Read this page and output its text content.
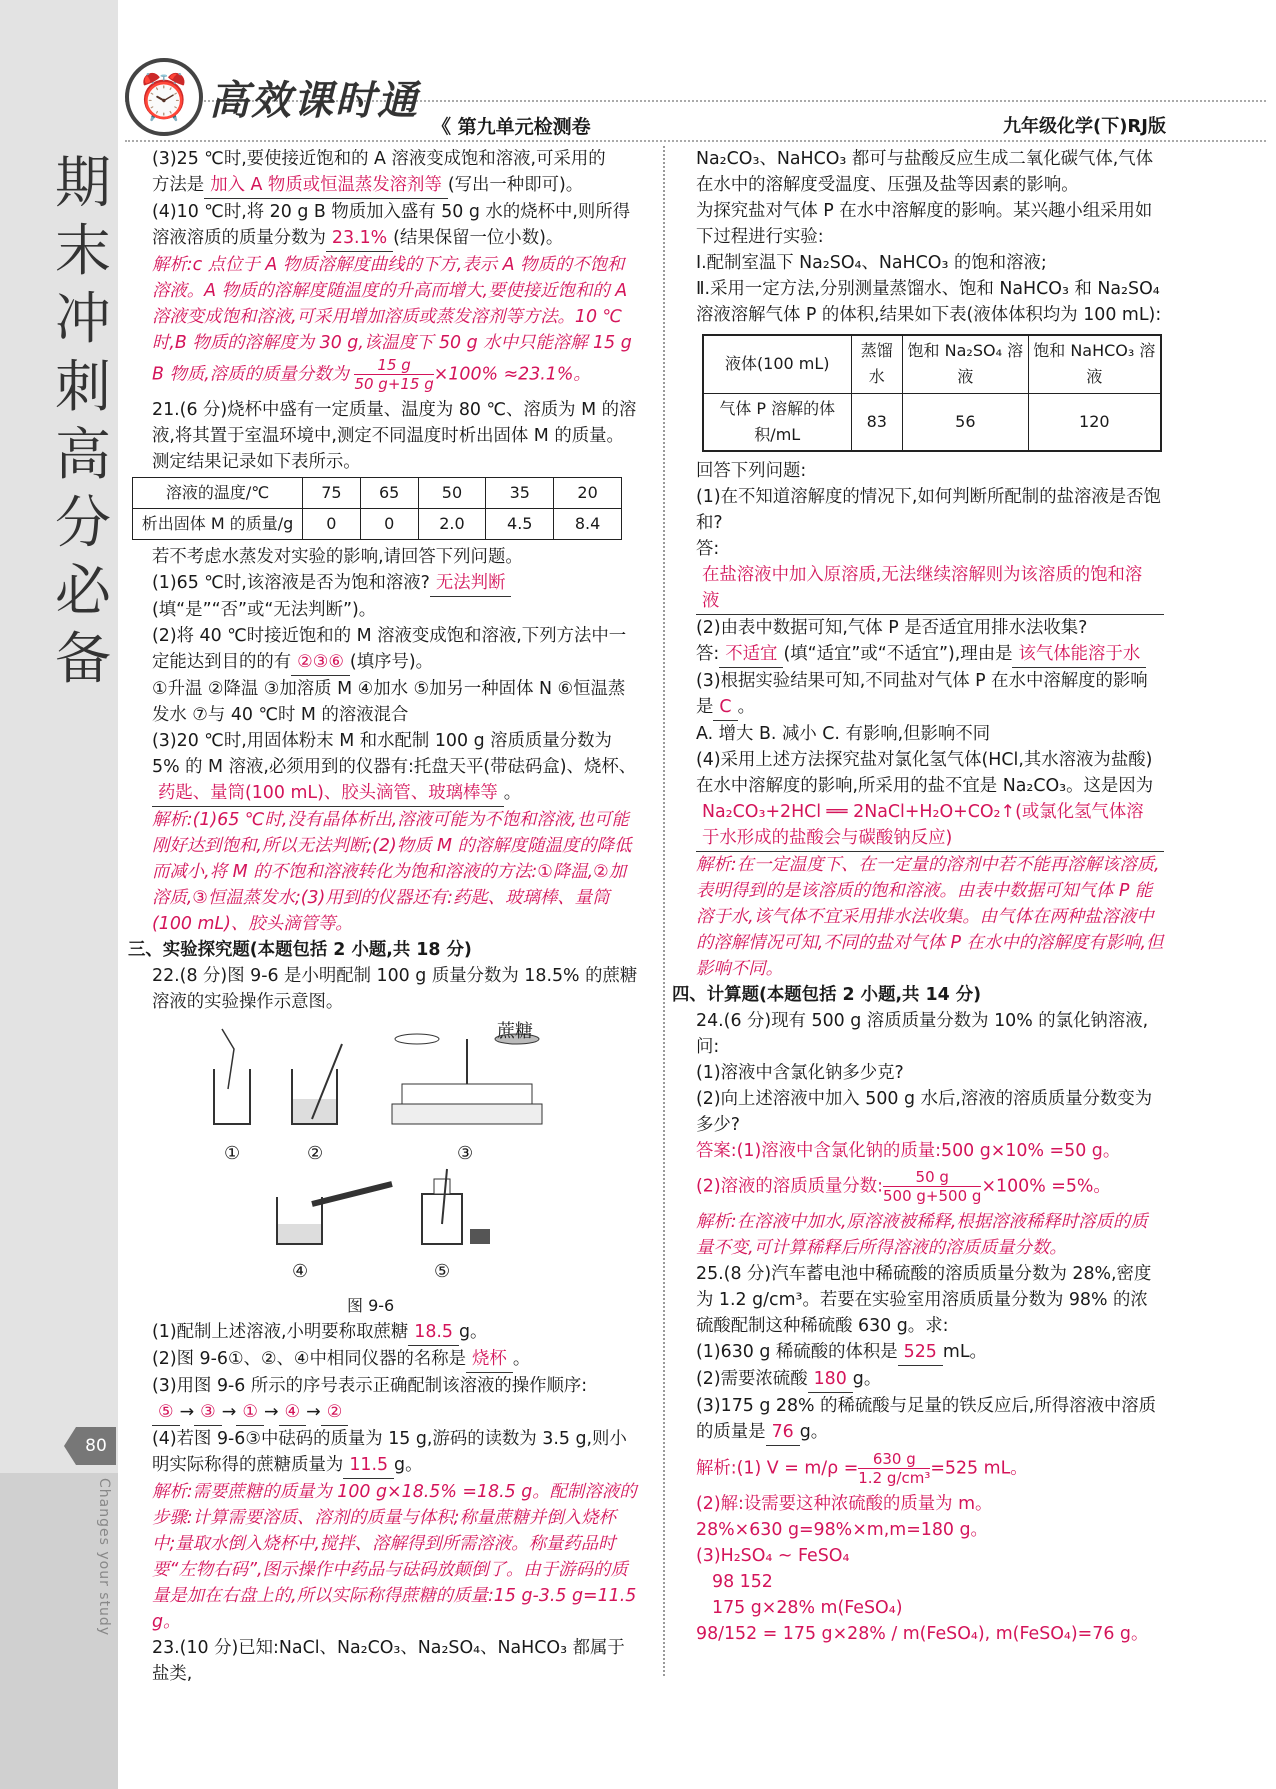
期末冲刺高分必备
80
Changes your study
⏰ 高效课时通
《 第九单元检测卷	九年级化学(下)RJ版

(3)25 ℃时,要使接近饱和的 A 溶液变成饱和溶液,可采用的

方法是 加入 A 物质或恒温蒸发溶剂等 (写出一种即可)。

(4)10 ℃时,将 20 g B 物质加入盛有 50 g 水的烧杯中,则所得

溶液溶质的质量分数为 23.1% (结果保留一位小数)。

解析:c 点位于 A 物质溶解度曲线的下方,表示 A 物质的不饱和溶液。A 物质的溶解度随温度的升高而增大,要使接近饱和的 A 溶液变成饱和溶液,可采用增加溶质或蒸发溶剂等方法。10 ℃时,B 物质的溶解度为 30 g,该温度下 50 g 水中只能溶解 15 g B 物质,溶质的质量分数为 $\frac{15 g}{50 g+15 g} \times 100\% \approx 23.1\%$。

21.(6 分)烧杯中盛有一定质量、温度为 80 ℃、溶质为 M 的溶液,将其置于室温环境中,测定不同温度时析出固体 M 的质量。测定结果记录如下表所示。

溶液的温度/℃	75	65	50	35	20
析出固体 M 的质量/g	0	0	2.0	4.5	8.4

若不考虑水蒸发对实验的影响,请回答下列问题。

(1)65 ℃时,该溶液是否为饱和溶液? 无法判断(填“是”“否”或“无法判断”)。

(2)将 40 ℃时接近饱和的 M 溶液变成饱和溶液,下列方法中一定能达到目的的有 ②③⑥ (填序号)。

①升温 ②降温 ③加溶质 M ④加水 ⑤加另一种固体 N ⑥恒温蒸发水 ⑦与 40 ℃时 M 的溶液混合

(3)20 ℃时,用固体粉末 M 和水配制 100 g 溶质质量分数为5% 的 M 溶液,必须用到的仪器有:托盘天平(带砝码盒)、烧杯、药匙、量筒(100 mL)、胶头滴管、玻璃棒等 。

解析:(1)65 ℃时,没有晶体析出,溶液可能为不饱和溶液,也可能刚好达到饱和,所以无法判断;(2)物质 M 的溶解度随温度的降低而减小,将 M 的不饱和溶液转化为饱和溶液的方法:①降温,②加溶质,③恒温蒸发水;(3)用到的仪器还有:药匙、玻璃棒、量筒(100 mL)、胶头滴管等。

三、实验探究题(本题包括 2 小题,共 18 分)

22.(8 分)图 9-6 是小明配制 100 g 质量分数为 18.5% 的蔗糖溶液的实验操作示意图。

蔗糖
①	②	③
④	⑤
图 9-6

(1)配制上述溶液,小明要称取蔗糖 18.5 g。

(2)图 9-6①、②、④中相同仪器的名称是 烧杯 。

(3)用图 9-6 所示的序号表示正确配制该溶液的操作顺序:

⑤ → ③ → ① → ④ → ②

(4)若图 9-6③中砝码的质量为 15 g,游码的读数为 3.5 g,则小明实际称得的蔗糖质量为 11.5 g。

解析:需要蔗糖的质量为 100 g×18.5% =18.5 g。配制溶液的步骤:计算需要溶质、溶剂的质量与体积;称量蔗糖并倒入烧杯中;量取水倒入烧杯中,搅拌、溶解得到所需溶液。称量药品时要“左物右码”,图示操作中药品与砝码放颠倒了。由于游码的质量是加在右盘上的,所以实际称得蔗糖的质量:15 g-3.5 g=11.5 g。

23.(10 分)已知:NaCl、Na₂CO₃、Na₂SO₄、NaHCO₃ 都属于盐类,

Na₂CO₃、NaHCO₃ 都可与盐酸反应生成二氧化碳气体,气体在水中的溶解度受温度、压强及盐等因素的影响。

为探究盐对气体 P 在水中溶解度的影响。某兴趣小组采用如下过程进行实验:

Ⅰ.配制室温下 Na₂SO₄、NaHCO₃ 的饱和溶液;

Ⅱ.采用一定方法,分别测量蒸馏水、饱和 NaHCO₃ 和 Na₂SO₄ 溶液溶解气体 P 的体积,结果如下表(液体体积均为 100 mL):

液体(100 mL)	蒸馏水	饱和 Na₂SO₄ 溶液	饱和 NaHCO₃ 溶液
气体 P 溶解的体积/mL	83	56	120

回答下列问题:

(1)在不知道溶解度的情况下,如何判断所配制的盐溶液是否饱和?

答:在盐溶液中加入原溶质,无法继续溶解则为该溶质的饱和溶液

(2)由表中数据可知,气体 P 是否适宜用排水法收集?

答: 不适宜 (填“适宜”或“不适宜”),理由是 该气体能溶于水

(3)根据实验结果可知,不同盐对气体 P 在水中溶解度的影响是 C 。

A. 增大 B. 减小 C. 有影响,但影响不同

(4)采用上述方法探究盐对氯化氢气体(HCl,其水溶液为盐酸)在水中溶解度的影响,所采用的盐不宜是 Na₂CO₃。这是因为

Na₂CO₃+2HCl ══ 2NaCl+H₂O+CO₂↑(或氯化氢气体溶于水形成的盐酸会与碳酸钠反应)

解析:在一定温度下、在一定量的溶剂中若不能再溶解该溶质,表明得到的是该溶质的饱和溶液。由表中数据可知气体 P 能溶于水,该气体不宜采用排水法收集。由气体在两种盐溶液中的溶解情况可知,不同的盐对气体 P 在水中的溶解度有影响,但影响不同。

四、计算题(本题包括 2 小题,共 14 分)

24.(6 分)现有 500 g 溶质质量分数为 10% 的氯化钠溶液,问:

(1)溶液中含氯化钠多少克?

(2)向上述溶液中加入 500 g 水后,溶液的溶质质量分数变为多少?

答案:(1)溶液中含氯化钠的质量:500 g×10% =50 g。

(2)溶液的溶质质量分数: $\frac{50 g}{500 g+500 g} \times 100\% =5\%$。

解析:在溶液中加水,原溶液被稀释,根据溶液稀释时溶质的质量不变,可计算稀释后所得溶液的溶质质量分数。

25.(8 分)汽车蓄电池中稀硫酸的溶质质量分数为 28%,密度为 1.2 g/cm³。若要在实验室用溶质质量分数为 98% 的浓硫酸配制这种稀硫酸 630 g。求:

(1)630 g 稀硫酸的体积是 525 mL。

(2)需要浓硫酸 180 g。

(3)175 g 28% 的稀硫酸与足量的铁反应后,所得溶液中溶质的质量是 76 g。

解析:(1) $V = m/\rho = \frac{630 g}{\text{1.2 g/cm³}} =525$ mL。

(2)解:设需要这种浓硫酸的质量为 m。

28%×630 g=98%×m,m=180 g。

(3)H₂SO₄ ~ FeSO₄

98 152

175 g×28% m(FeSO₄)

98/152 = 175 g×28% / m(FeSO₄), m(FeSO₄)=76 g。
